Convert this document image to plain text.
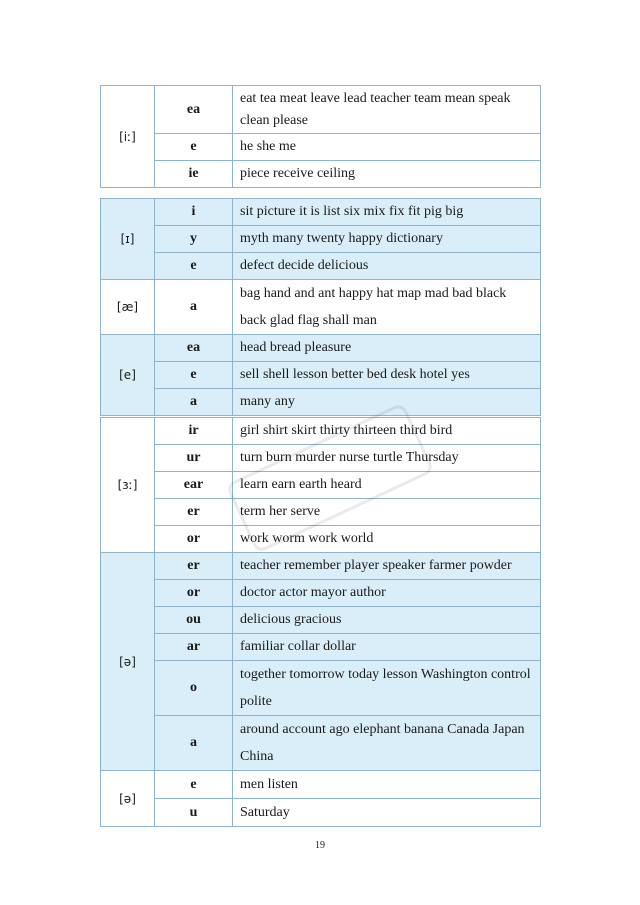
[iː]	ea	eat tea meat leave lead teacher team mean speak clean please
	e	he she me
	ie	piece receive ceiling
[ɪ]	i	sit picture it is list six mix fix fit pig big
	y	myth many twenty happy dictionary
	e	defect decide delicious
[æ]	a	bag hand and ant happy hat map mad bad black back glad flag shall man
[e]	ea	head bread pleasure
	e	sell shell lesson better bed desk hotel yes
	a	many any
[ɜː]	ir	girl shirt skirt thirty thirteen third bird
	ur	turn burn murder nurse turtle Thursday
	ear	learn earn earth heard
	er	term her serve
	or	work worm work world
[ə]	er	teacher remember player speaker farmer powder
	or	doctor actor mayor author
	ou	delicious gracious
	ar	familiar collar dollar
	o	together tomorrow today lesson Washington control polite
	a	around account ago elephant banana Canada Japan China
[ə]	e	men listen
	u	Saturday
19
